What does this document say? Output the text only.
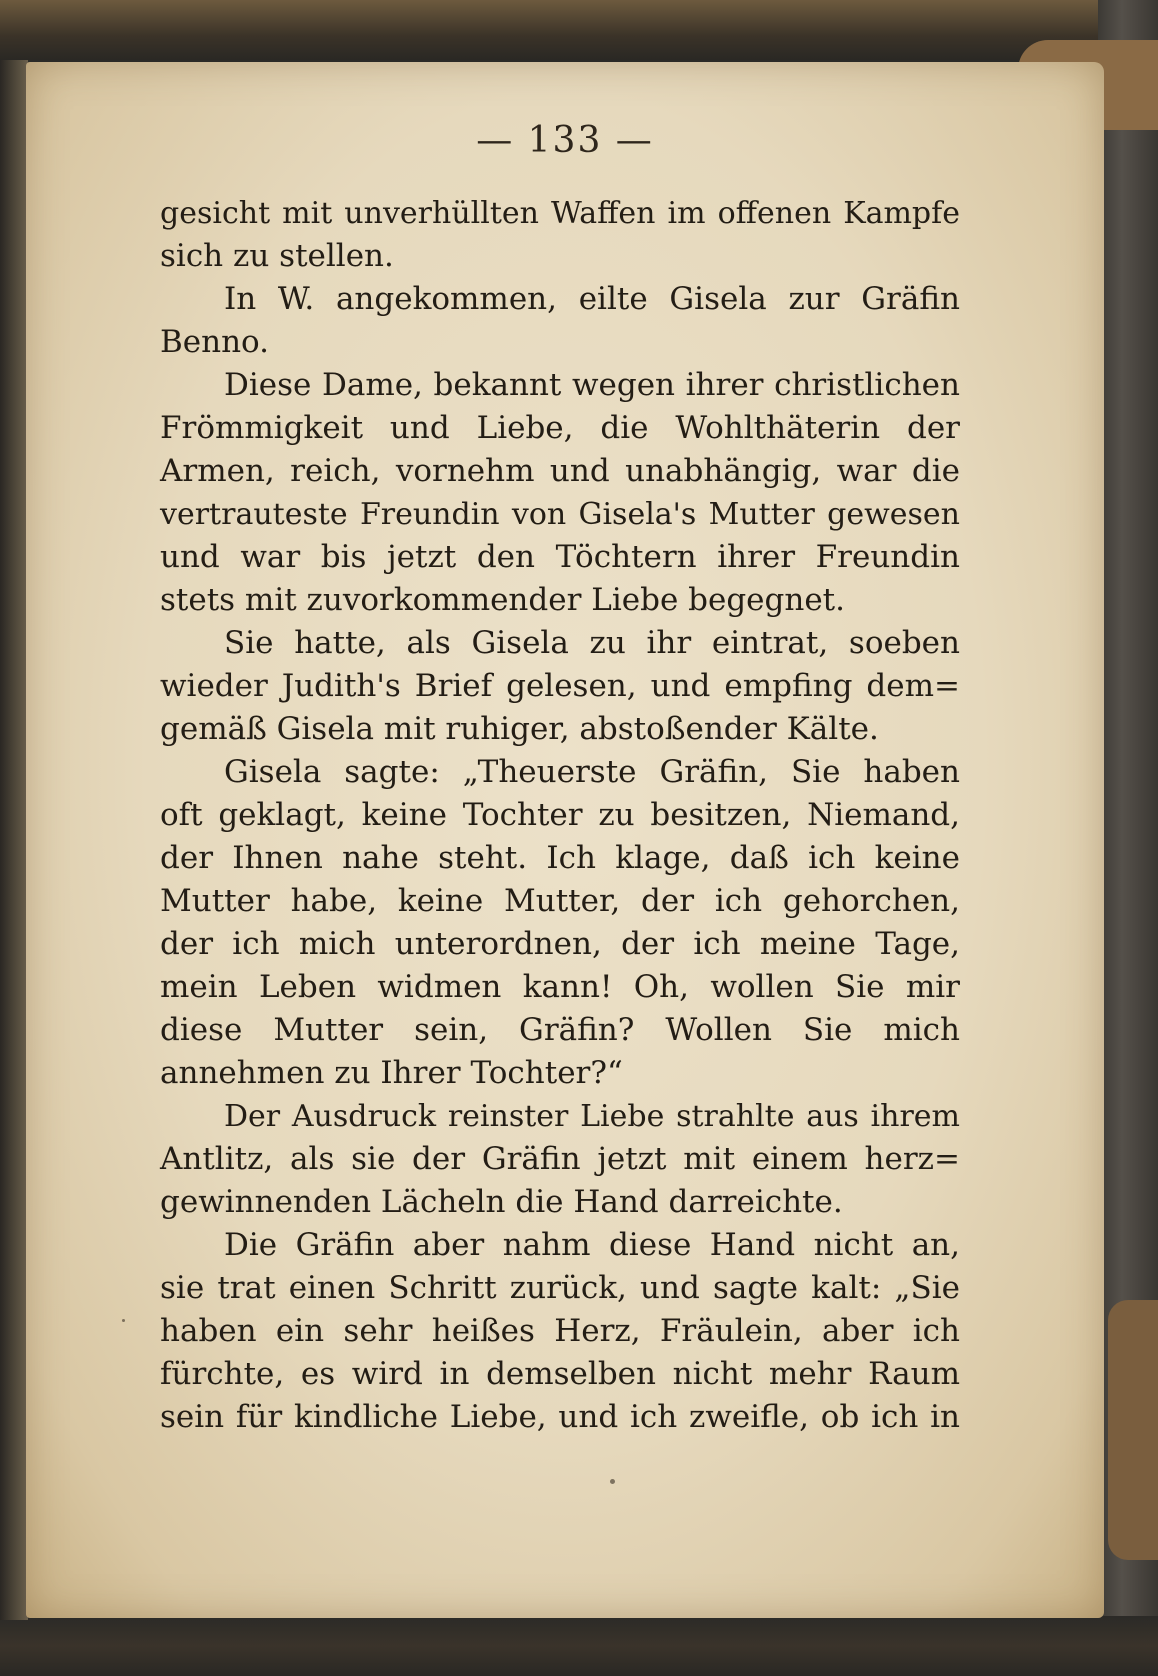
— 133 —
gesicht mit unverhüllten Waffen im offenen Kampfe
sich zu stellen.
In W. angekommen, eilte Gisela zur Gräfin
Benno.
Diese Dame, bekannt wegen ihrer christlichen
Frömmigkeit und Liebe, die Wohlthäterin der
Armen, reich, vornehm und unabhängig, war die
vertrauteste Freundin von Gisela's Mutter gewesen
und war bis jetzt den Töchtern ihrer Freundin
stets mit zuvorkommender Liebe begegnet.
Sie hatte, als Gisela zu ihr eintrat, soeben
wieder Judith's Brief gelesen, und empfing dem=
gemäß Gisela mit ruhiger, abstoßender Kälte.
Gisela sagte: „Theuerste Gräfin, Sie haben
oft geklagt, keine Tochter zu besitzen, Niemand,
der Ihnen nahe steht. Ich klage, daß ich keine
Mutter habe, keine Mutter, der ich gehorchen,
der ich mich unterordnen, der ich meine Tage,
mein Leben widmen kann! Oh, wollen Sie mir
diese Mutter sein, Gräfin? Wollen Sie mich
annehmen zu Ihrer Tochter?“
Der Ausdruck reinster Liebe strahlte aus ihrem
Antlitz, als sie der Gräfin jetzt mit einem herz=
gewinnenden Lächeln die Hand darreichte.
Die Gräfin aber nahm diese Hand nicht an,
sie trat einen Schritt zurück, und sagte kalt: „Sie
haben ein sehr heißes Herz, Fräulein, aber ich
fürchte, es wird in demselben nicht mehr Raum
sein für kindliche Liebe, und ich zweifle, ob ich in
